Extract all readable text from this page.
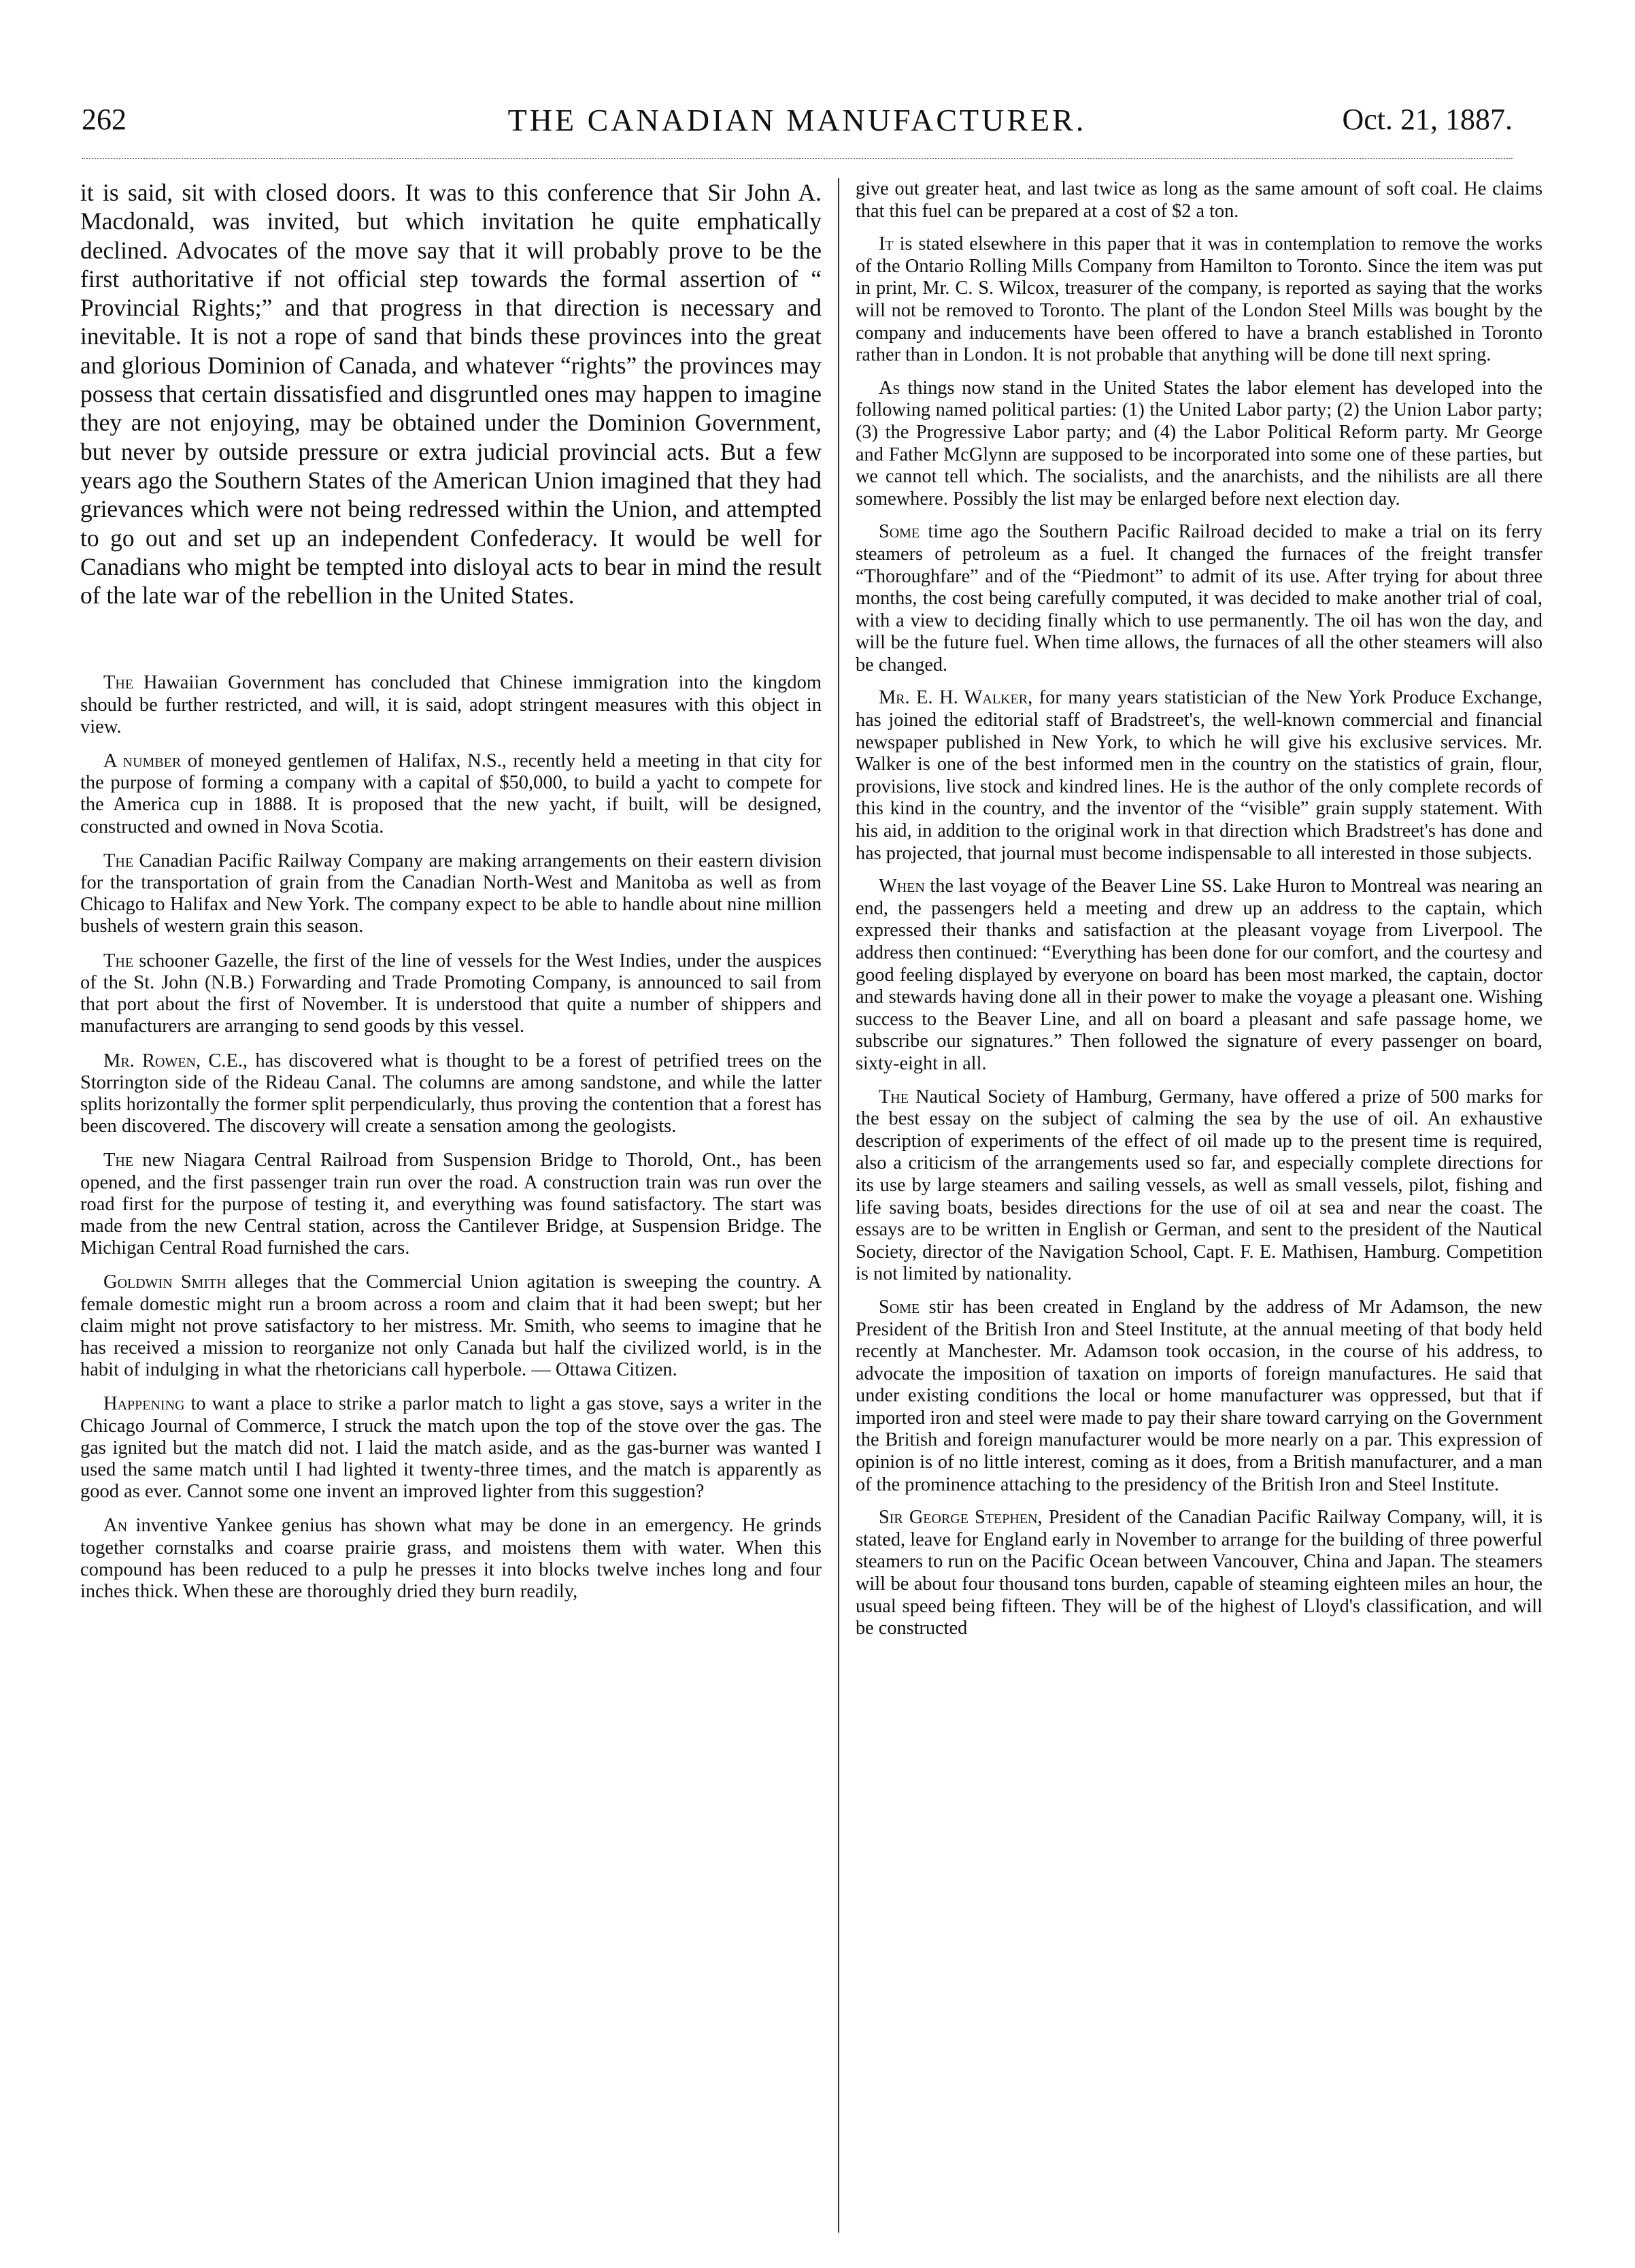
262	THE CANADIAN MANUFACTURER.	Oct. 21, 1887.

it is said, sit with closed doors. It was to this conference that Sir John A. Macdonald, was invited, but which invitation he quite emphatically declined. Advocates of the move say that it will probably prove to be the first authoritative if not official step towards the formal assertion of “ Provincial Rights;” and that progress in that direction is necessary and inevitable. It is not a rope of sand that binds these provinces into the great and glorious Dominion of Canada, and whatever “rights” the provinces may possess that certain dissatisfied and disgruntled ones may happen to imagine they are not enjoying, may be obtained under the Dominion Government, but never by outside pressure or extra judicial provincial acts. But a few years ago the Southern States of the American Union imagined that they had grievances which were not being redressed within the Union, and attempted to go out and set up an independent Confederacy. It would be well for Canadians who might be tempted into disloyal acts to bear in mind the result of the late war of the rebellion in the United States.

The Hawaiian Government has concluded that Chinese immigration into the kingdom should be further restricted, and will, it is said, adopt stringent measures with this object in view.

A number of moneyed gentlemen of Halifax, N.S., recently held a meeting in that city for the purpose of forming a company with a capital of $50,000, to build a yacht to compete for the America cup in 1888. It is proposed that the new yacht, if built, will be designed, constructed and owned in Nova Scotia.

The Canadian Pacific Railway Company are making arrangements on their eastern division for the transportation of grain from the Canadian North-West and Manitoba as well as from Chicago to Halifax and New York. The company expect to be able to handle about nine million bushels of western grain this season.

The schooner Gazelle, the first of the line of vessels for the West Indies, under the auspices of the St. John (N.B.) Forwarding and Trade Promoting Company, is announced to sail from that port about the first of November. It is understood that quite a number of shippers and manufacturers are arranging to send goods by this vessel.

Mr. Rowen, C.E., has discovered what is thought to be a forest of petrified trees on the Storrington side of the Rideau Canal. The columns are among sandstone, and while the latter splits horizontally the former split perpendicularly, thus proving the contention that a forest has been discovered. The discovery will create a sensation among the geologists.

The new Niagara Central Railroad from Suspension Bridge to Thorold, Ont., has been opened, and the first passenger train run over the road. A construction train was run over the road first for the purpose of testing it, and everything was found satisfactory. The start was made from the new Central station, across the Cantilever Bridge, at Suspension Bridge. The Michigan Central Road furnished the cars.

Goldwin Smith alleges that the Commercial Union agitation is sweeping the country. A female domestic might run a broom across a room and claim that it had been swept; but her claim might not prove satisfactory to her mistress. Mr. Smith, who seems to imagine that he has received a mission to reorganize not only Canada but half the civilized world, is in the habit of indulging in what the rhetoricians call hyperbole. — Ottawa Citizen.

Happening to want a place to strike a parlor match to light a gas stove, says a writer in the Chicago Journal of Commerce, I struck the match upon the top of the stove over the gas. The gas ignited but the match did not. I laid the match aside, and as the gas-burner was wanted I used the same match until I had lighted it twenty-three times, and the match is apparently as good as ever. Cannot some one invent an improved lighter from this suggestion?

An inventive Yankee genius has shown what may be done in an emergency. He grinds together cornstalks and coarse prairie grass, and moistens them with water. When this compound has been reduced to a pulp he presses it into blocks twelve inches long and four inches thick. When these are thoroughly dried they burn readily,

give out greater heat, and last twice as long as the same amount of soft coal. He claims that this fuel can be prepared at a cost of $2 a ton.

It is stated elsewhere in this paper that it was in contemplation to remove the works of the Ontario Rolling Mills Company from Hamilton to Toronto. Since the item was put in print, Mr. C. S. Wilcox, treasurer of the company, is reported as saying that the works will not be removed to Toronto. The plant of the London Steel Mills was bought by the company and inducements have been offered to have a branch established in Toronto rather than in London. It is not probable that anything will be done till next spring.

As things now stand in the United States the labor element has developed into the following named political parties: (1) the United Labor party; (2) the Union Labor party; (3) the Progressive Labor party; and (4) the Labor Political Reform party. Mr George and Father McGlynn are supposed to be incorporated into some one of these parties, but we cannot tell which. The socialists, and the anarchists, and the nihilists are all there somewhere. Possibly the list may be enlarged before next election day.

Some time ago the Southern Pacific Railroad decided to make a trial on its ferry steamers of petroleum as a fuel. It changed the furnaces of the freight transfer “Thoroughfare” and of the “Piedmont” to admit of its use. After trying for about three months, the cost being carefully computed, it was decided to make another trial of coal, with a view to deciding finally which to use permanently. The oil has won the day, and will be the future fuel. When time allows, the furnaces of all the other steamers will also be changed.

Mr. E. H. Walker, for many years statistician of the New York Produce Exchange, has joined the editorial staff of Bradstreet's, the well-known commercial and financial newspaper published in New York, to which he will give his exclusive services. Mr. Walker is one of the best informed men in the country on the statistics of grain, flour, provisions, live stock and kindred lines. He is the author of the only complete records of this kind in the country, and the inventor of the “visible” grain supply statement. With his aid, in addition to the original work in that direction which Bradstreet's has done and has projected, that journal must become indispensable to all interested in those subjects.

When the last voyage of the Beaver Line SS. Lake Huron to Montreal was nearing an end, the passengers held a meeting and drew up an address to the captain, which expressed their thanks and satisfaction at the pleasant voyage from Liverpool. The address then continued: “Everything has been done for our comfort, and the courtesy and good feeling displayed by everyone on board has been most marked, the captain, doctor and stewards having done all in their power to make the voyage a pleasant one. Wishing success to the Beaver Line, and all on board a pleasant and safe passage home, we subscribe our signatures.” Then followed the signature of every passenger on board, sixty-eight in all.

The Nautical Society of Hamburg, Germany, have offered a prize of 500 marks for the best essay on the subject of calming the sea by the use of oil. An exhaustive description of experiments of the effect of oil made up to the present time is required, also a criticism of the arrangements used so far, and especially complete directions for its use by large steamers and sailing vessels, as well as small vessels, pilot, fishing and life saving boats, besides directions for the use of oil at sea and near the coast. The essays are to be written in English or German, and sent to the president of the Nautical Society, director of the Navigation School, Capt. F. E. Mathisen, Hamburg. Competition is not limited by nationality.

Some stir has been created in England by the address of Mr Adamson, the new President of the British Iron and Steel Institute, at the annual meeting of that body held recently at Manchester. Mr. Adamson took occasion, in the course of his address, to advocate the imposition of taxation on imports of foreign manufactures. He said that under existing conditions the local or home manufacturer was oppressed, but that if imported iron and steel were made to pay their share toward carrying on the Government the British and foreign manufacturer would be more nearly on a par. This expression of opinion is of no little interest, coming as it does, from a British manufacturer, and a man of the prominence attaching to the presidency of the British Iron and Steel Institute.

Sir George Stephen, President of the Canadian Pacific Railway Company, will, it is stated, leave for England early in November to arrange for the building of three powerful steamers to run on the Pacific Ocean between Vancouver, China and Japan. The steamers will be about four thousand tons burden, capable of steaming eighteen miles an hour, the usual speed being fifteen. They will be of the highest of Lloyd's classification, and will be constructed
